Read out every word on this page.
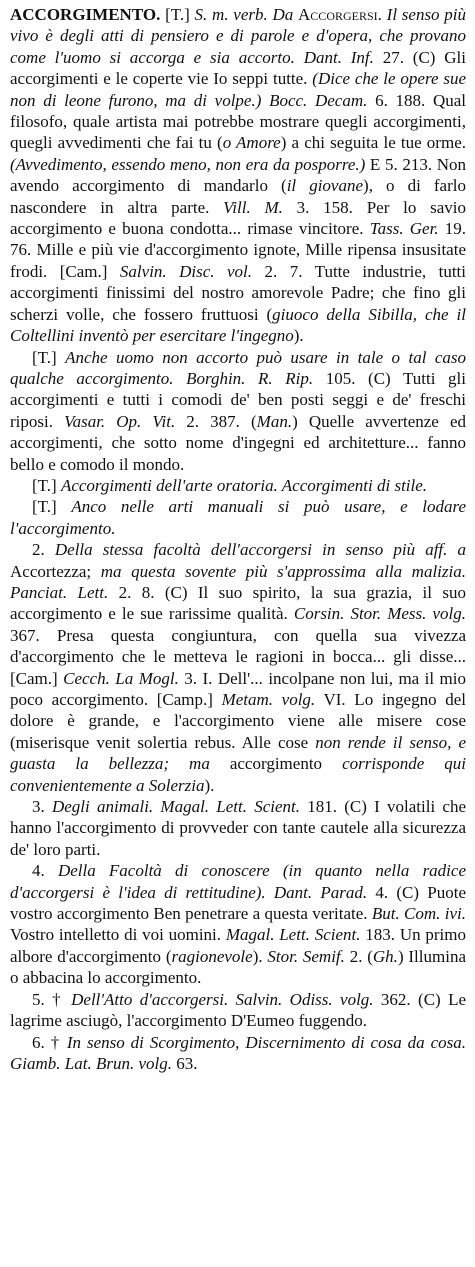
ACCORGIMENTO. [T.] S. m. verb. Da Accorgersi. Il senso più vivo è degli atti di pensiero e di parole e d'opera, che provano come l'uomo si accorga e sia accorto. Dant. Inf. 27. (C) Gli accorgimenti e le coperte vie Io seppi tutte. (Dice che le opere sue non di leone furono, ma di volpe.) Bocc. Decam. 6. 188. Qual filosofo, quale artista mai potrebbe mostrare quegli accorgimenti, quegli avvedimenti che fai tu (o Amore) a chi seguita le tue orme. (Avvedimento, essendo meno, non era da posporre.) E 5. 213. Non avendo accorgimento di mandarlo (il giovane), o di farlo nascondere in altra parte. Vill. M. 3. 158. Per lo savio accorgimento e buona condotta... rimase vincitore. Tass. Ger. 19. 76. Mille e più vie d'accorgimento ignote, Mille ripensa insusitate frodi. [Cam.] Salvin. Disc. vol. 2. 7. Tutte industrie, tutti accorgimenti finissimi del nostro amorevole Padre; che fino gli scherzi volle, che fossero fruttuosi (giuoco della Sibilla, che il Coltellini inventò per esercitare l'ingegno).

[T.] Anche uomo non accorto può usare in tale o tal caso qualche accorgimento. Borghin. R. Rip. 105. (C) Tutti gli accorgimenti e tutti i comodi de' ben posti seggi e de' freschi riposi. Vasar. Op. Vit. 2. 387. (Man.) Quelle avvertenze ed accorgimenti, che sotto nome d'ingegni ed architetture... fanno bello e comodo il mondo.

[T.] Accorgimenti dell'arte oratoria. Accorgimenti di stile.

[T.] Anco nelle arti manuali si può usare, e lodare l'accorgimento.

2. Della stessa facoltà dell'accorgersi in senso più aff. a Accortezza; ma questa sovente più s'approssima alla malizia. Panciat. Lett. 2. 8. (C) Il suo spirito, la sua grazia, il suo accorgimento e le sue rarissime qualità. Corsin. Stor. Mess. volg. 367. Presa questa congiuntura, con quella sua vivezza d'accorgimento che le metteva le ragioni in bocca... gli disse... [Cam.] Cecch. La Mogl. 3. I. Dell'... incolpane non lui, ma il mio poco accorgimento. [Camp.] Metam. volg. VI. Lo ingegno del dolore è grande, e l'accorgimento viene alle misere cose (miserisque venit solertia rebus. Alle cose non rende il senso, e guasta la bellezza; ma accorgimento corrisponde qui convenientemente a Solerzia).

3. Degli animali. Magal. Lett. Scient. 181. (C) I volatili che hanno l'accorgimento di provveder con tante cautele alla sicurezza de' loro parti.

4. Della Facoltà di conoscere (in quanto nella radice d'accorgersi è l'idea di rettitudine). Dant. Parad. 4. (C) Puote vostro accorgimento Ben penetrare a questa veritate. But. Com. ivi. Vostro intelletto di voi uomini. Magal. Lett. Scient. 183. Un primo albore d'accorgimento (ragionevole). Stor. Semif. 2. (Gh.) Illumina o abbacina lo accorgimento.

5. † Dell'Atto d'accorgersi. Salvin. Odiss. volg. 362. (C) Le lagrime asciugò, l'accorgimento D'Eumeo fuggendo.

6. † In senso di Scorgimento, Discernimento di cosa da cosa. Giamb. Lat. Brun. volg. 63.
